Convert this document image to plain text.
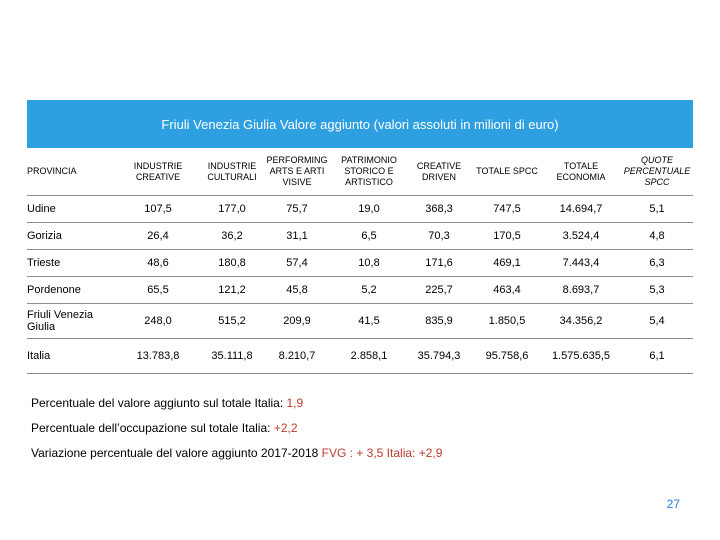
Friuli Venezia Giulia Valore aggiunto (valori assoluti in milioni di euro)
PROVINCIA	INDUSTRIE CREATIVE	INDUSTRIE CULTURALI	PERFORMING ARTS E ARTI VISIVE	PATRIMONIO STORICO E ARTISTICO	CREATIVE DRIVEN	TOTALE SPCC	TOTALE ECONOMIA	QUOTE PERCENTUALE SPCC
Udine	107,5	177,0	75,7	19,0	368,3	747,5	14.694,7	5,1
Gorizia	26,4	36,2	31,1	6,5	70,3	170,5	3.524,4	4,8
Trieste	48,6	180,8	57,4	10,8	171,6	469,1	7.443,4	6,3
Pordenone	65,5	121,2	45,8	5,2	225,7	463,4	8.693,7	5,3
Friuli Venezia Giulia	248,0	515,2	209,9	41,5	835,9	1.850,5	34.356,2	5,4
Italia	13.783,8	35.111,8	8.210,7	2.858,1	35.794,3	95.758,6	1.575.635,5	6,1
Percentuale del valore aggiunto sul totale Italia: 1,9
Percentuale dell’occupazione sul totale Italia: +2,2
Variazione percentuale del valore aggiunto 2017-2018 FVG : + 3,5 Italia: +2,9
27
